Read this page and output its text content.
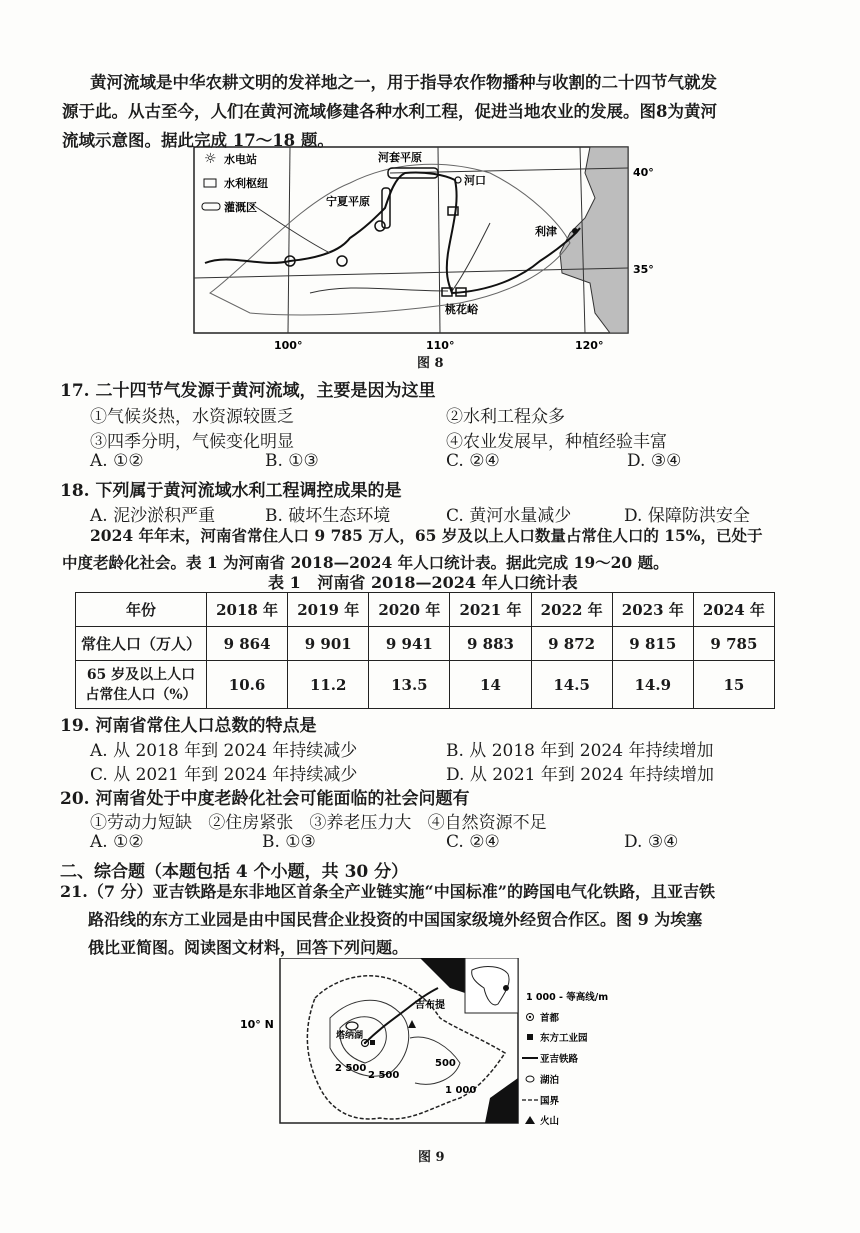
黄河流域是中华农耕文明的发祥地之一，用于指导农作物播种与收割的二十四节气就发
源于此。从古至今，人们在黄河流域修建各种水利工程，促进当地农业的发展。图8为黄河
流域示意图。据此完成 17～18 题。
☼ 水电站
水利枢纽
灌溉区
河套平原
河口
宁夏平原
利津
桃花峪
40°
35°
100°	110°	120°
图 8
17. 二十四节气发源于黄河流域，主要是因为这里
①气候炎热，水资源较匮乏	②水利工程众多
③四季分明，气候变化明显	④农业发展早，种植经验丰富
A. ①②	B. ①③	C. ②④	D. ③④
18. 下列属于黄河流域水利工程调控成果的是
A. 泥沙淤积严重	B. 破坏生态环境	C. 黄河水量减少	D. 保障防洪安全
2024 年年末，河南省常住人口 9 785 万人，65 岁及以上人口数量占常住人口的 15%，已处于
中度老龄化社会。表 1 为河南省 2018—2024 年人口统计表。据此完成 19～20 题。
表 1   河南省 2018—2024 年人口统计表
年份	2018 年	2019 年	2020 年	2021 年	2022 年	2023 年	2024 年
常住人口（万人）	9 864	9 901	9 941	9 883	9 872	9 815	9 785

65 岁及以上人口
占常住人口（%）	10.6	11.2	13.5	14	14.5	14.9	15
19. 河南省常住人口总数的特点是
A. 从 2018 年到 2024 年持续减少	B. 从 2018 年到 2024 年持续增加
C. 从 2021 年到 2024 年持续减少	D. 从 2021 年到 2024 年持续增加
20. 河南省处于中度老龄化社会可能面临的社会问题有
①劳动力短缺   ②住房紧张   ③养老压力大   ④自然资源不足
A. ①②	B. ①③	C. ②④	D. ③④
二、综合题（本题包括 4 个小题，共 30 分）
21.（7 分）亚吉铁路是东非地区首条全产业链实施“中国标准”的跨国电气化铁路，且亚吉铁
路沿线的东方工业园是由中国民营企业投资的中国国家级境外经贸合作区。图 9 为埃塞
俄比亚简图。阅读图文材料，回答下列问题。
10° N
吉布提
塔纳湖
2 500
2 500
500
1 000
1 000 - 等高线/m
首都
东方工业园
亚吉铁路
湖泊
国界
火山
图 9
